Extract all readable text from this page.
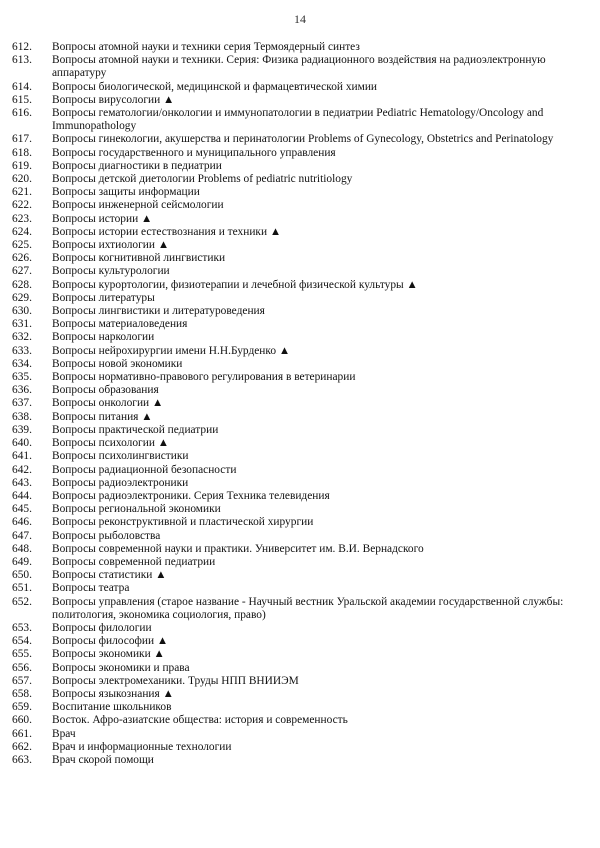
14
612.	Вопросы атомной науки и техники серия Термоядерный синтез
613.	Вопросы атомной науки и техники. Серия: Физика радиационного воздействия на радиоэлектронную аппаратуру
614.	Вопросы биологической, медицинской и фармацевтической химии
615.	Вопросы вирусологии ▲
616.	Вопросы гематологии/онкологии и иммунопатологии в педиатрии Pediatric Hematology/Oncology and Immunopathology
617.	Вопросы гинекологии, акушерства и перинатологии Problems of Gynecology, Obstetrics and Perinatology
618.	Вопросы государственного и муниципального управления
619.	Вопросы диагностики в педиатрии
620.	Вопросы детской диетологии Problems of pediatric nutritiology
621.	Вопросы защиты информации
622.	Вопросы инженерной сейсмологии
623.	Вопросы истории ▲
624.	Вопросы истории естествознания и техники ▲
625.	Вопросы ихтиологии ▲
626.	Вопросы когнитивной лингвистики
627.	Вопросы культурологии
628.	Вопросы курортологии, физиотерапии и лечебной физической культуры ▲
629.	Вопросы литературы
630.	Вопросы лингвистики и литературоведения
631.	Вопросы материаловедения
632.	Вопросы наркологии
633.	Вопросы нейрохирургии имени Н.Н.Бурденко ▲
634.	Вопросы новой экономики
635.	Вопросы нормативно-правового регулирования в ветеринарии
636.	Вопросы образования
637.	Вопросы онкологии ▲
638.	Вопросы питания ▲
639.	Вопросы практической педиатрии
640.	Вопросы психологии ▲
641.	Вопросы психолингвистики
642.	Вопросы радиационной безопасности
643.	Вопросы радиоэлектроники
644.	Вопросы радиоэлектроники. Серия Техника телевидения
645.	Вопросы региональной экономики
646.	Вопросы реконструктивной и пластической хирургии
647.	Вопросы рыболовства
648.	Вопросы современной науки и практики. Университет им. В.И. Вернадского
649.	Вопросы современной педиатрии
650.	Вопросы статистики ▲
651.	Вопросы театра
652.	Вопросы управления (старое название - Научный вестник Уральской академии государственной службы: политология, экономика социология, право)
653.	Вопросы филологии
654.	Вопросы философии ▲
655.	Вопросы экономики ▲
656.	Вопросы экономики и права
657.	Вопросы электромеханики. Труды НПП ВНИИЭМ
658.	Вопросы языкознания ▲
659.	Воспитание школьников
660.	Восток. Афро-азиатские общества: история и современность
661.	Врач
662.	Врач и информационные технологии
663.	Врач скорой помощи
